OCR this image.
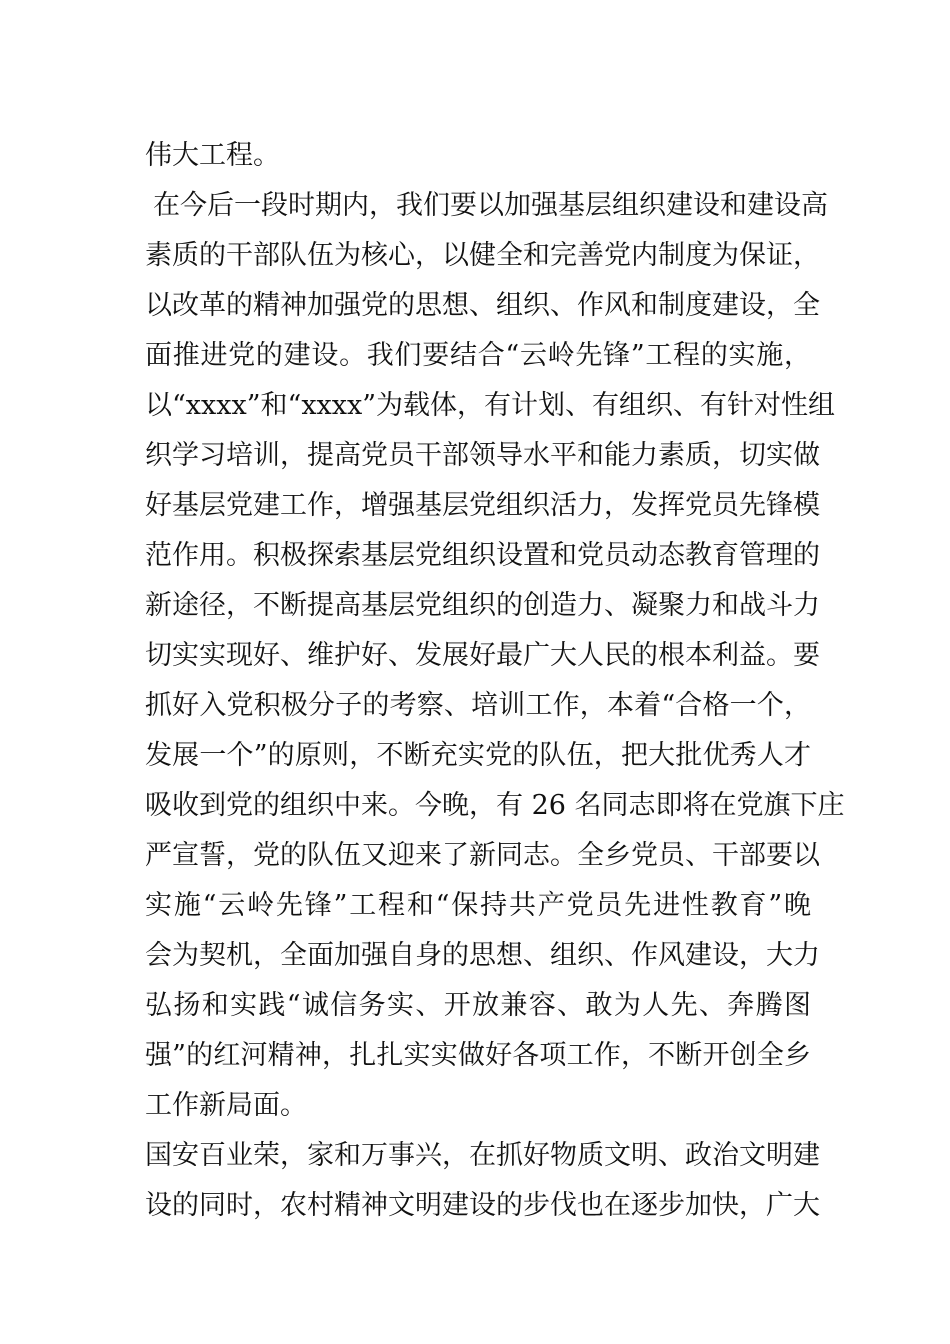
伟大工程。
在今后一段时期内，我们要以加强基层组织建设和建设高
素质的干部队伍为核心，以健全和完善党内制度为保证，
以改革的精神加强党的思想、组织、作风和制度建设，全
面推进党的建设。我们要结合“云岭先锋”工程的实施，
以“xxxx”和“xxxx”为载体，有计划、有组织、有针对性组
织学习培训，提高党员干部领导水平和能力素质，切实做
好基层党建工作，增强基层党组织活力，发挥党员先锋模
范作用。积极探索基层党组织设置和党员动态教育管理的
新途径，不断提高基层党组织的创造力、凝聚力和战斗力
切实实现好、维护好、发展好最广大人民的根本利益。要
抓好入党积极分子的考察、培训工作，本着“合格一个，
发展一个”的原则，不断充实党的队伍，把大批优秀人才
吸收到党的组织中来。今晚，有 26 名同志即将在党旗下庄
严宣誓，党的队伍又迎来了新同志。全乡党员、干部要以
实施“云岭先锋”工程和“保持共产党员先进性教育”晚
会为契机，全面加强自身的思想、组织、作风建设，大力
弘扬和实践“诚信务实、开放兼容、敢为人先、奔腾图
强”的红河精神，扎扎实实做好各项工作，不断开创全乡
工作新局面。
国安百业荣，家和万事兴，在抓好物质文明、政治文明建
设的同时，农村精神文明建设的步伐也在逐步加快，广大
